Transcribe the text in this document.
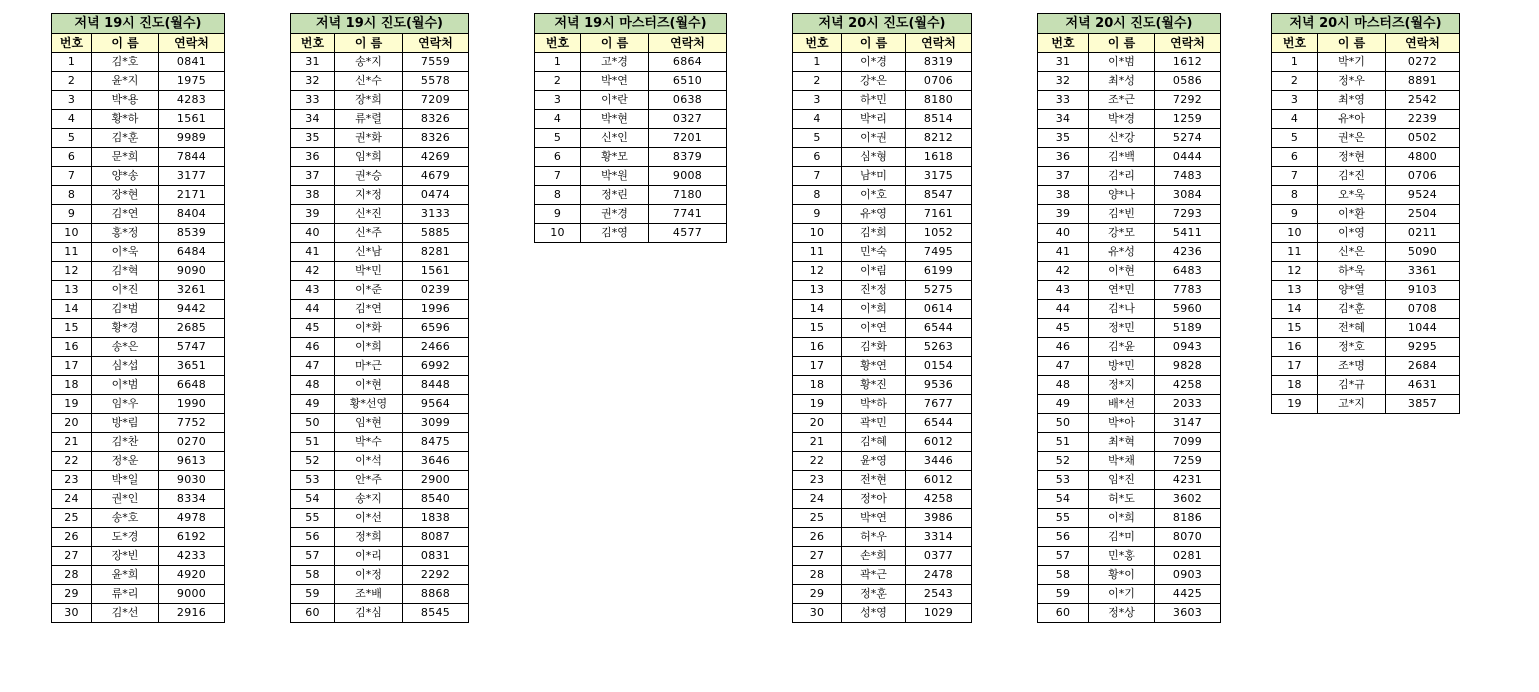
저녁 19시 진도(월수)		
번호	이 름	연락처
1	김*호	0841
2	윤*지	1975
3	박*용	4283
4	황*하	1561
5	김*훈	9989
6	문*희	7844
7	양*송	3177
8	장*현	2171
9	김*연	8404
10	홍*정	8539
11	이*욱	6484
12	김*혁	9090
13	이*진	3261
14	김*범	9442
15	황*경	2685
16	송*은	5747
17	심*섭	3651
18	이*범	6648
19	임*우	1990
20	방*림	7752
21	김*찬	0270
22	정*운	9613
23	박*일	9030
24	권*인	8334
25	송*호	4978
26	도*경	6192
27	장*빈	4233
28	윤*희	4920
29	류*리	9000
30	김*선	2916
저녁 19시 진도(월수)		
번호	이 름	연락처
31	송*지	7559
32	신*수	5578
33	장*희	7209
34	류*렬	8326
35	권*화	8326
36	임*희	4269
37	권*승	4679
38	지*정	0474
39	신*진	3133
40	신*주	5885
41	신*남	8281
42	박*민	1561
43	이*준	0239
44	김*연	1996
45	이*화	6596
46	이*희	2466
47	마*근	6992
48	이*현	8448
49	황*선영	9564
50	임*현	3099
51	박*수	8475
52	이*석	3646
53	안*주	2900
54	송*지	8540
55	이*선	1838
56	정*희	8087
57	이*리	0831
58	이*정	2292
59	조*배	8868
60	김*심	8545
저녁 19시 마스터즈(월수)		
번호	이 름	연락처
1	고*경	6864
2	박*연	6510
3	이*란	0638
4	박*현	0327
5	신*인	7201
6	황*모	8379
7	박*원	9008
8	정*린	7180
9	권*경	7741
10	김*영	4577
저녁 20시 진도(월수)		
번호	이 름	연락처
1	이*경	8319
2	강*은	0706
3	하*민	8180
4	박*리	8514
5	이*권	8212
6	심*형	1618
7	남*미	3175
8	이*호	8547
9	유*영	7161
10	김*희	1052
11	민*숙	7495
12	이*림	6199
13	진*정	5275
14	이*희	0614
15	이*연	6544
16	김*화	5263
17	황*연	0154
18	황*진	9536
19	박*하	7677
20	곽*민	6544
21	김*혜	6012
22	윤*영	3446
23	전*현	6012
24	정*아	4258
25	박*연	3986
26	허*우	3314
27	손*희	0377
28	곽*근	2478
29	정*훈	2543
30	성*영	1029
저녁 20시 진도(월수)		
번호	이 름	연락처
31	이*범	1612
32	최*성	0586
33	조*근	7292
34	박*경	1259
35	신*강	5274
36	김*백	0444
37	김*리	7483
38	양*나	3084
39	김*빈	7293
40	강*모	5411
41	유*성	4236
42	이*현	6483
43	연*민	7783
44	김*나	5960
45	정*민	5189
46	김*윤	0943
47	방*민	9828
48	정*지	4258
49	배*선	2033
50	박*아	3147
51	최*혁	7099
52	박*채	7259
53	임*진	4231
54	허*도	3602
55	이*희	8186
56	김*미	8070
57	민*홍	0281
58	황*이	0903
59	이*기	4425
60	정*상	3603
저녁 20시 마스터즈(월수)		
번호	이 름	연락처
1	박*기	0272
2	정*우	8891
3	최*영	2542
4	유*아	2239
5	권*은	0502
6	정*현	4800
7	김*진	0706
8	오*욱	9524
9	이*환	2504
10	이*영	0211
11	신*은	5090
12	하*욱	3361
13	양*열	9103
14	김*훈	0708
15	전*혜	1044
16	정*호	9295
17	조*명	2684
18	김*규	4631
19	고*지	3857
